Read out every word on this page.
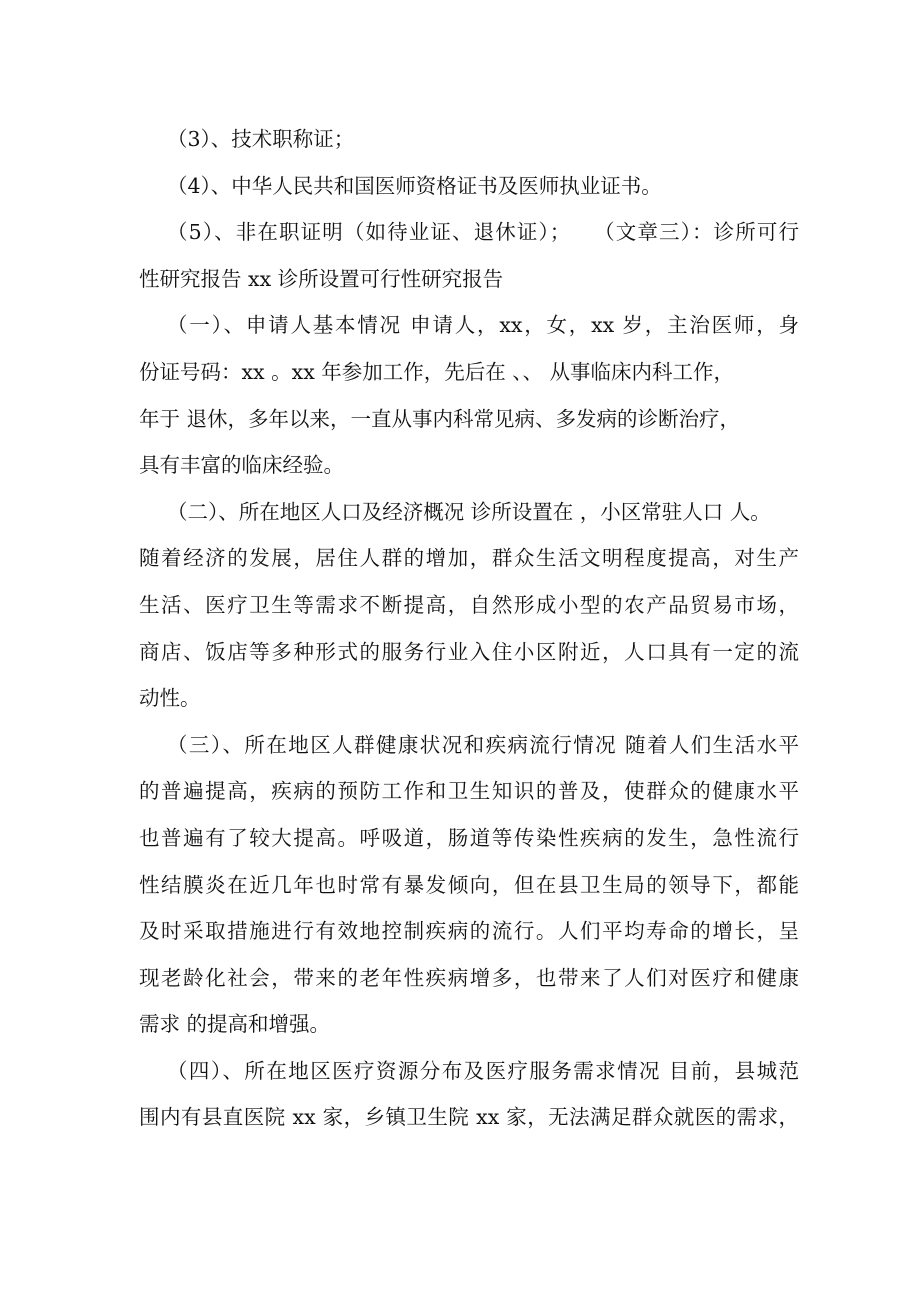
（3）、技术职称证；
（4）、中华人民共和国医师资格证书及医师执业证书。
（5）、非在职证明（如待业证、退休证）；　　（文章三）：诊所可行
性研究报告 xx 诊所设置可行性研究报告
（一）、申请人基本情况 申请人，xx，女，xx 岁，主治医师，身
份证号码：xx 。xx 年参加工作，先后在 、、 从事临床内科工作，
年于 退休，多年以来，一直从事内科常见病、多发病的诊断治疗，
具有丰富的临床经验。
（二）、所在地区人口及经济概况 诊所设置在 ，小区常驻人口 人。
随着经济的发展，居住人群的增加，群众生活文明程度提高，对生产
生活、医疗卫生等需求不断提高，自然形成小型的农产品贸易市场，
商店、饭店等多种形式的服务行业入住小区附近，人口具有一定的流
动性。
（三）、所在地区人群健康状况和疾病流行情况 随着人们生活水平
的普遍提高，疾病的预防工作和卫生知识的普及，使群众的健康水平
也普遍有了较大提高。呼吸道，肠道等传染性疾病的发生，急性流行
性结膜炎在近几年也时常有暴发倾向，但在县卫生局的领导下，都能
及时采取措施进行有效地控制疾病的流行。人们平均寿命的增长，呈
现老龄化社会，带来的老年性疾病增多，也带来了人们对医疗和健康
需求 的提高和增强。
（四）、所在地区医疗资源分布及医疗服务需求情况 目前，县城范
围内有县直医院 xx 家，乡镇卫生院 xx 家，无法满足群众就医的需求，
